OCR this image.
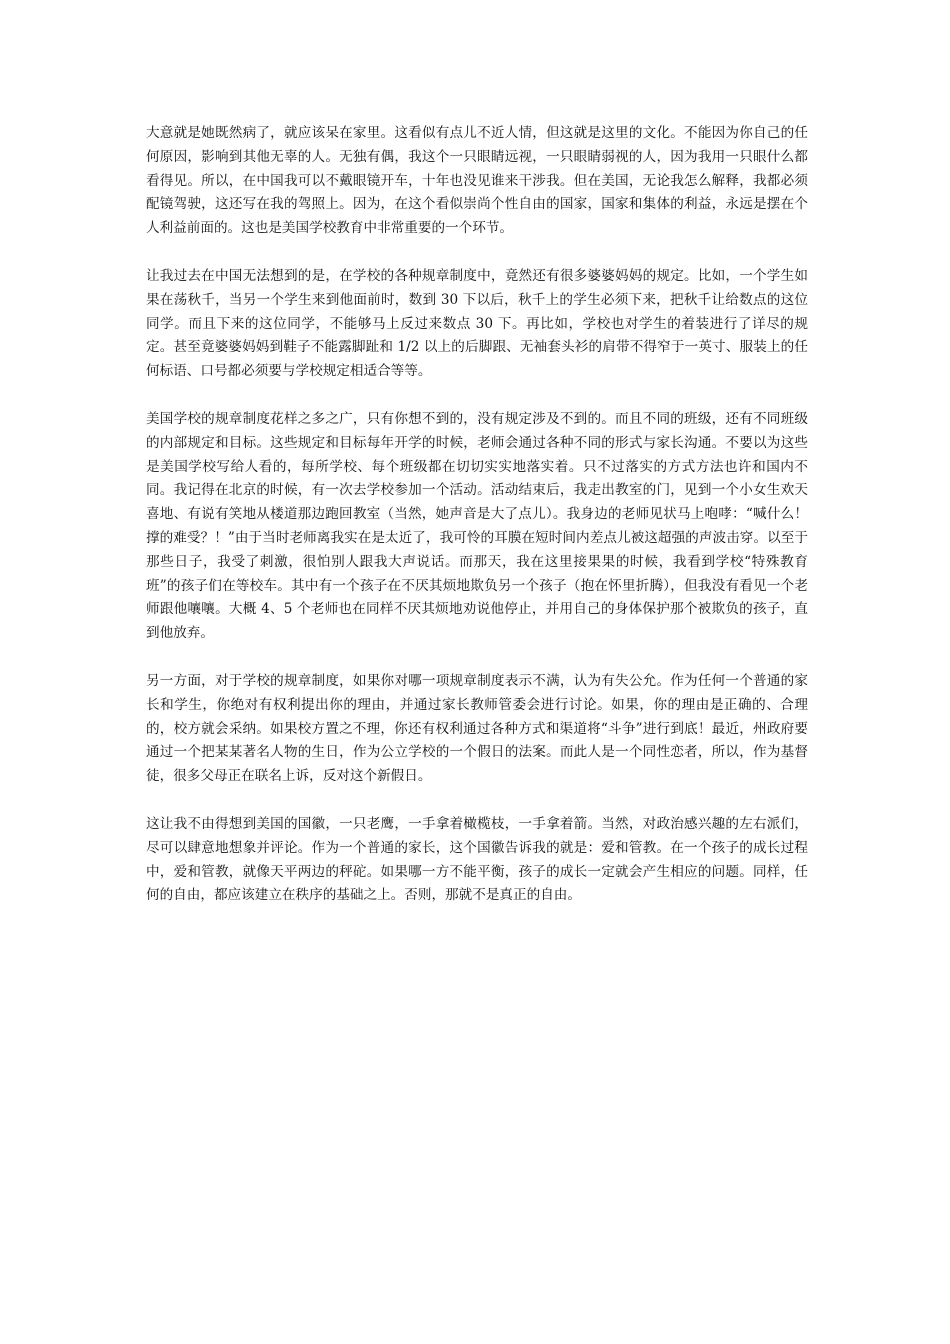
大意就是她既然病了，就应该呆在家里。这看似有点儿不近人情，但这就是这里的文化。不能因为你自己的任何原因，影响到其他无辜的人。无独有偶，我这个一只眼睛远视，一只眼睛弱视的人，因为我用一只眼什么都看得见。所以，在中国我可以不戴眼镜开车，十年也没见谁来干涉我。但在美国，无论我怎么解释，我都必须配镜驾驶，这还写在我的驾照上。因为，在这个看似崇尚个性自由的国家，国家和集体的利益，永远是摆在个人利益前面的。这也是美国学校教育中非常重要的一个环节。

让我过去在中国无法想到的是，在学校的各种规章制度中，竟然还有很多婆婆妈妈的规定。比如，一个学生如果在荡秋千，当另一个学生来到他面前时，数到 30 下以后，秋千上的学生必须下来，把秋千让给数点的这位同学。而且下来的这位同学，不能够马上反过来数点 30 下。再比如，学校也对学生的着装进行了详尽的规定。甚至竟婆婆妈妈到鞋子不能露脚趾和 1/2 以上的后脚跟、无袖套头衫的肩带不得窄于一英寸、服装上的任何标语、口号都必须要与学校规定相适合等等。

美国学校的规章制度花样之多之广，只有你想不到的，没有规定涉及不到的。而且不同的班级，还有不同班级的内部规定和目标。这些规定和目标每年开学的时候，老师会通过各种不同的形式与家长沟通。不要以为这些是美国学校写给人看的，每所学校、每个班级都在切切实实地落实着。只不过落实的方式方法也许和国内不同。我记得在北京的时候，有一次去学校参加一个活动。活动结束后，我走出教室的门，见到一个小女生欢天喜地、有说有笑地从楼道那边跑回教室（当然，她声音是大了点儿）。我身边的老师见状马上咆哮：“喊什么！撑的难受？！”由于当时老师离我实在是太近了，我可怜的耳膜在短时间内差点儿被这超强的声波击穿。以至于那些日子，我受了刺激，很怕别人跟我大声说话。而那天，我在这里接果果的时候，我看到学校“特殊教育班”的孩子们在等校车。其中有一个孩子在不厌其烦地欺负另一个孩子（抱在怀里折腾），但我没有看见一个老师跟他嚷嚷。大概 4、5 个老师也在同样不厌其烦地劝说他停止，并用自己的身体保护那个被欺负的孩子，直到他放弃。

另一方面，对于学校的规章制度，如果你对哪一项规章制度表示不满，认为有失公允。作为任何一个普通的家长和学生，你绝对有权利提出你的理由，并通过家长教师管委会进行讨论。如果，你的理由是正确的、合理的，校方就会采纳。如果校方置之不理，你还有权利通过各种方式和渠道将“斗争”进行到底！最近，州政府要通过一个把某某著名人物的生日，作为公立学校的一个假日的法案。而此人是一个同性恋者，所以，作为基督徒，很多父母正在联名上诉，反对这个新假日。

这让我不由得想到美国的国徽，一只老鹰，一手拿着橄榄枝，一手拿着箭。当然，对政治感兴趣的左右派们，尽可以肆意地想象并评论。作为一个普通的家长，这个国徽告诉我的就是：爱和管教。在一个孩子的成长过程中，爱和管教，就像天平两边的秤砣。如果哪一方不能平衡，孩子的成长一定就会产生相应的问题。同样，任何的自由，都应该建立在秩序的基础之上。否则，那就不是真正的自由。
